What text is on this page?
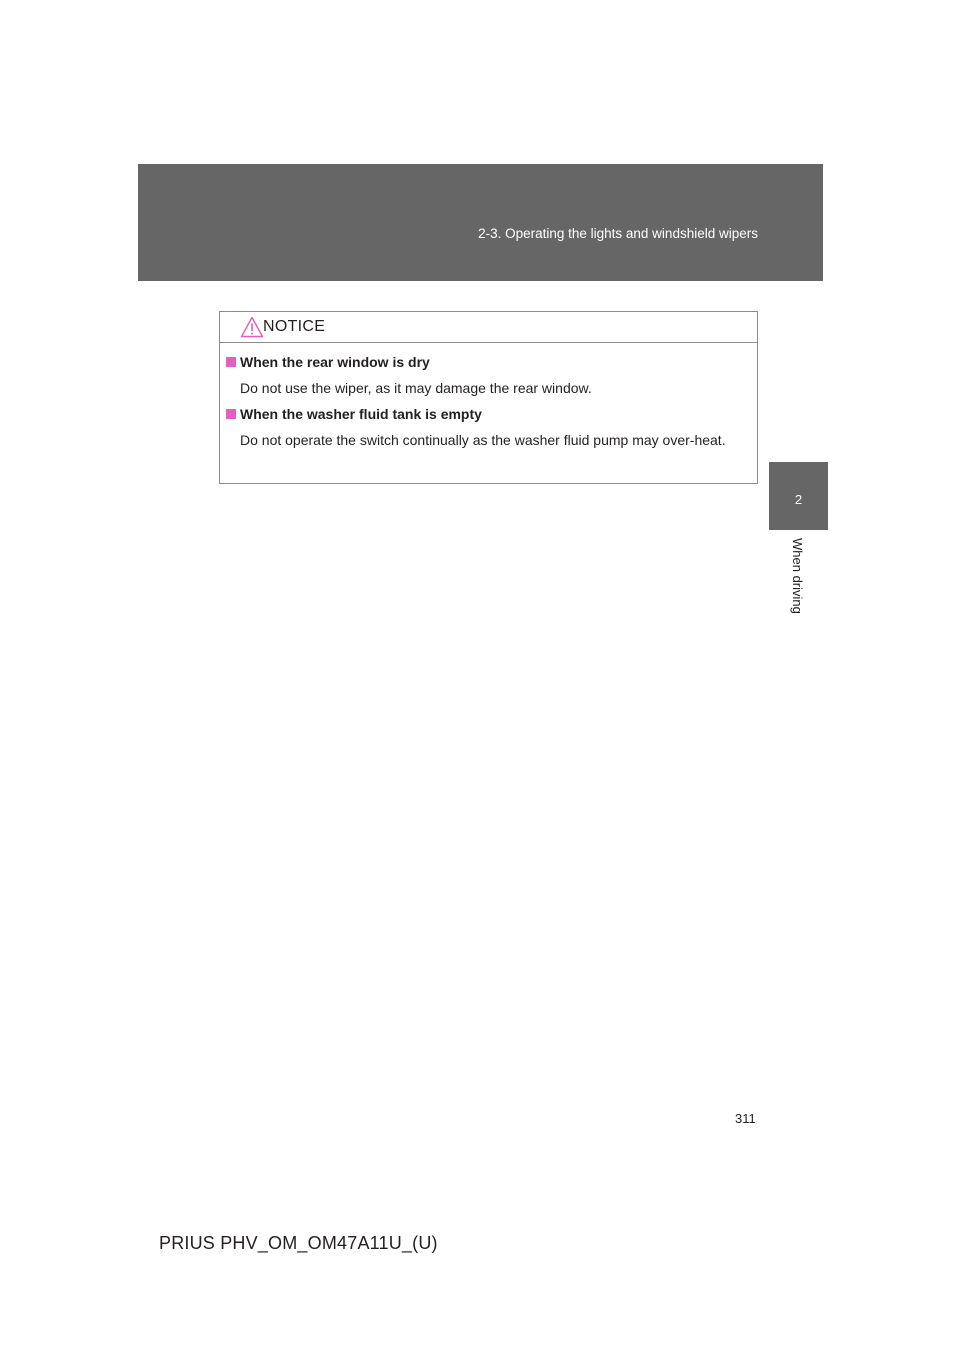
2-3. Operating the lights and windshield wipers
2
When driving
NOTICE
When the rear window is dry
Do not use the wiper, as it may damage the rear window.
When the washer fluid tank is empty
Do not operate the switch continually as the washer fluid pump may over-heat.
311
PRIUS PHV_OM_OM47A11U_(U)
